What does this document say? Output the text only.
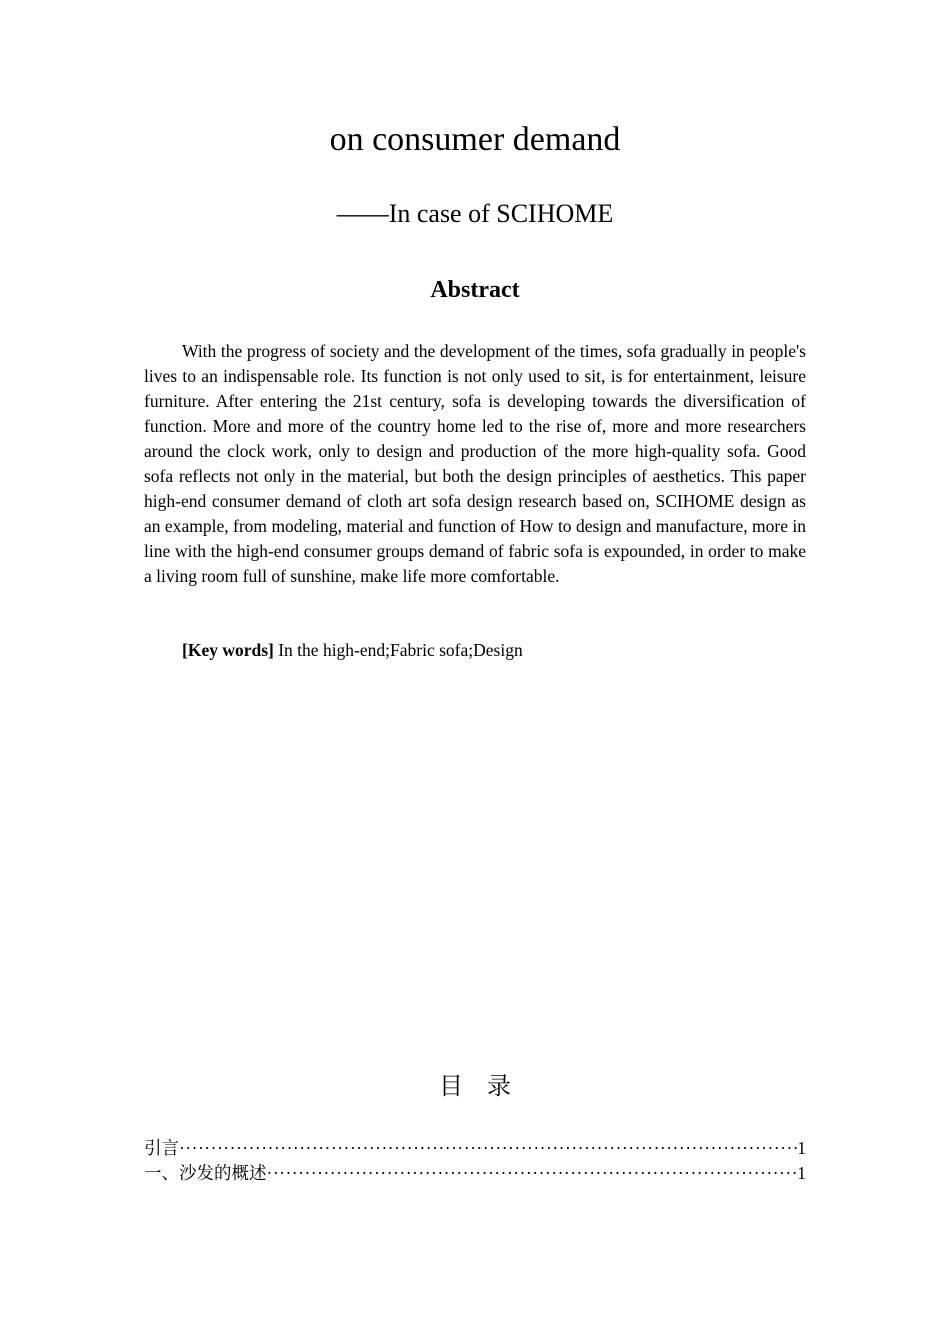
on consumer demand
——In case of SCIHOME
Abstract

With the progress of society and the development of the times, sofa gradually in people's lives to an indispensable role. Its function is not only used to sit, is for entertainment, leisure furniture. After entering the 21st century, sofa is developing towards the diversification of function. More and more of the country home led to the rise of, more and more researchers around the clock work, only to design and production of the more high-quality sofa. Good sofa reflects not only in the material, but both the design principles of aesthetics. This paper high-end consumer demand of cloth art sofa design research based on, SCIHOME design as an example, from modeling, material and function of How to design and manufacture, more in line with the high-end consumer groups demand of fabric sofa is expounded, in order to make a living room full of sunshine, make life more comfortable.

[Key words] In the high-end;Fabric sofa;Design

目录
引言 ·····	1
一、沙发的概述 ·····	1
